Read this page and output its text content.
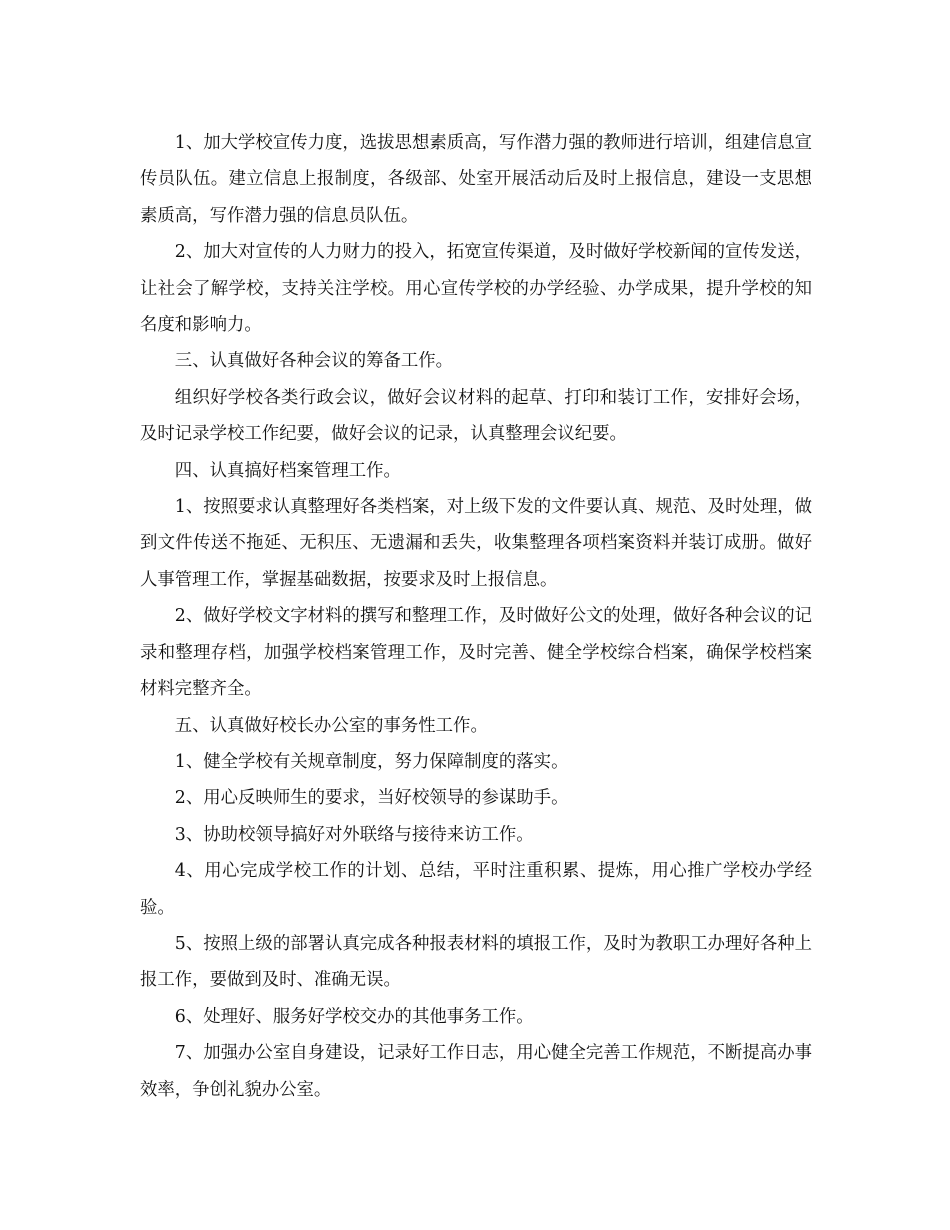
1、加大学校宣传力度，选拔思想素质高，写作潜力强的教师进行培训，组建信息宣传员队伍。建立信息上报制度，各级部、处室开展活动后及时上报信息，建设一支思想素质高，写作潜力强的信息员队伍。

2、加大对宣传的人力财力的投入，拓宽宣传渠道，及时做好学校新闻的宣传发送，让社会了解学校，支持关注学校。用心宣传学校的办学经验、办学成果，提升学校的知名度和影响力。

三、认真做好各种会议的筹备工作。

组织好学校各类行政会议，做好会议材料的起草、打印和装订工作，安排好会场，及时记录学校工作纪要，做好会议的记录，认真整理会议纪要。

四、认真搞好档案管理工作。

1、按照要求认真整理好各类档案，对上级下发的文件要认真、规范、及时处理，做到文件传送不拖延、无积压、无遗漏和丢失，收集整理各项档案资料并装订成册。做好人事管理工作，掌握基础数据，按要求及时上报信息。

2、做好学校文字材料的撰写和整理工作，及时做好公文的处理，做好各种会议的记录和整理存档，加强学校档案管理工作，及时完善、健全学校综合档案，确保学校档案材料完整齐全。

五、认真做好校长办公室的事务性工作。

1、健全学校有关规章制度，努力保障制度的落实。

2、用心反映师生的要求，当好校领导的参谋助手。

3、协助校领导搞好对外联络与接待来访工作。

4、用心完成学校工作的计划、总结，平时注重积累、提炼，用心推广学校办学经验。

5、按照上级的部署认真完成各种报表材料的填报工作，及时为教职工办理好各种上报工作，要做到及时、准确无误。

6、处理好、服务好学校交办的其他事务工作。

7、加强办公室自身建设，记录好工作日志，用心健全完善工作规范，不断提高办事效率，争创礼貌办公室。
